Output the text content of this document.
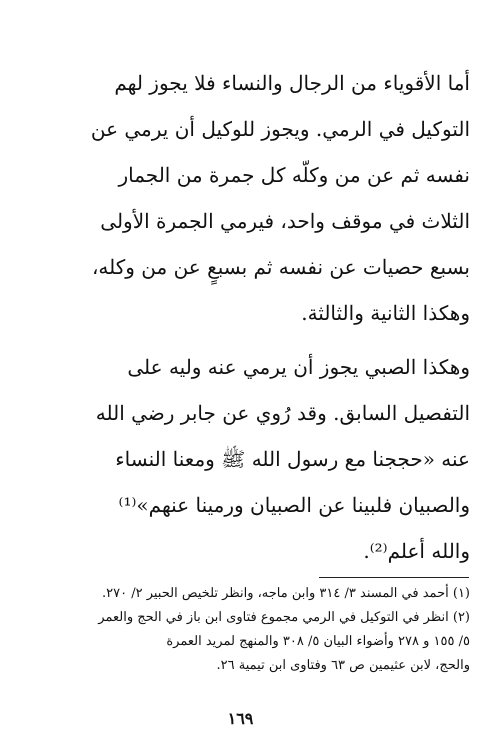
أما الأقوياء من الرجال والنساء فلا يجوز لهم
التوكيل في الرمي. ويجوز للوكيل أن يرمي عن
نفسه ثم عن من وكلّه كل جمرة من الجمار
الثلاث في موقف واحد، فيرمي الجمرة الأولى
بسبع حصيات عن نفسه ثم بسبعٍ عن من وكله،
وهكذا الثانية والثالثة.
وهكذا الصبي يجوز أن يرمي عنه وليه على
التفصيل السابق. وقد رُوي عن جابر رضي الله
عنه «حججنا مع رسول الله ﷺ ومعنا النساء
والصبيان فلبينا عن الصبيان ورمينا عنهم»⁽¹⁾
والله أعلم⁽²⁾.
(١) أحمد في المسند ٣/ ٣١٤ وابن ماجه، وانظر تلخيص الحبير ٢/ ٢٧٠.
(٢) انظر في التوكيل في الرمي مجموع فتاوى ابن باز في الحج والعمر
٥/ ١٥٥ و ٢٧٨ وأضواء البيان ٥/ ٣٠٨ والمنهج لمريد العمرة
والحج، لابن عثيمين ص ٦٣ وفتاوى ابن تيمية ٢٦.
١٦٩
